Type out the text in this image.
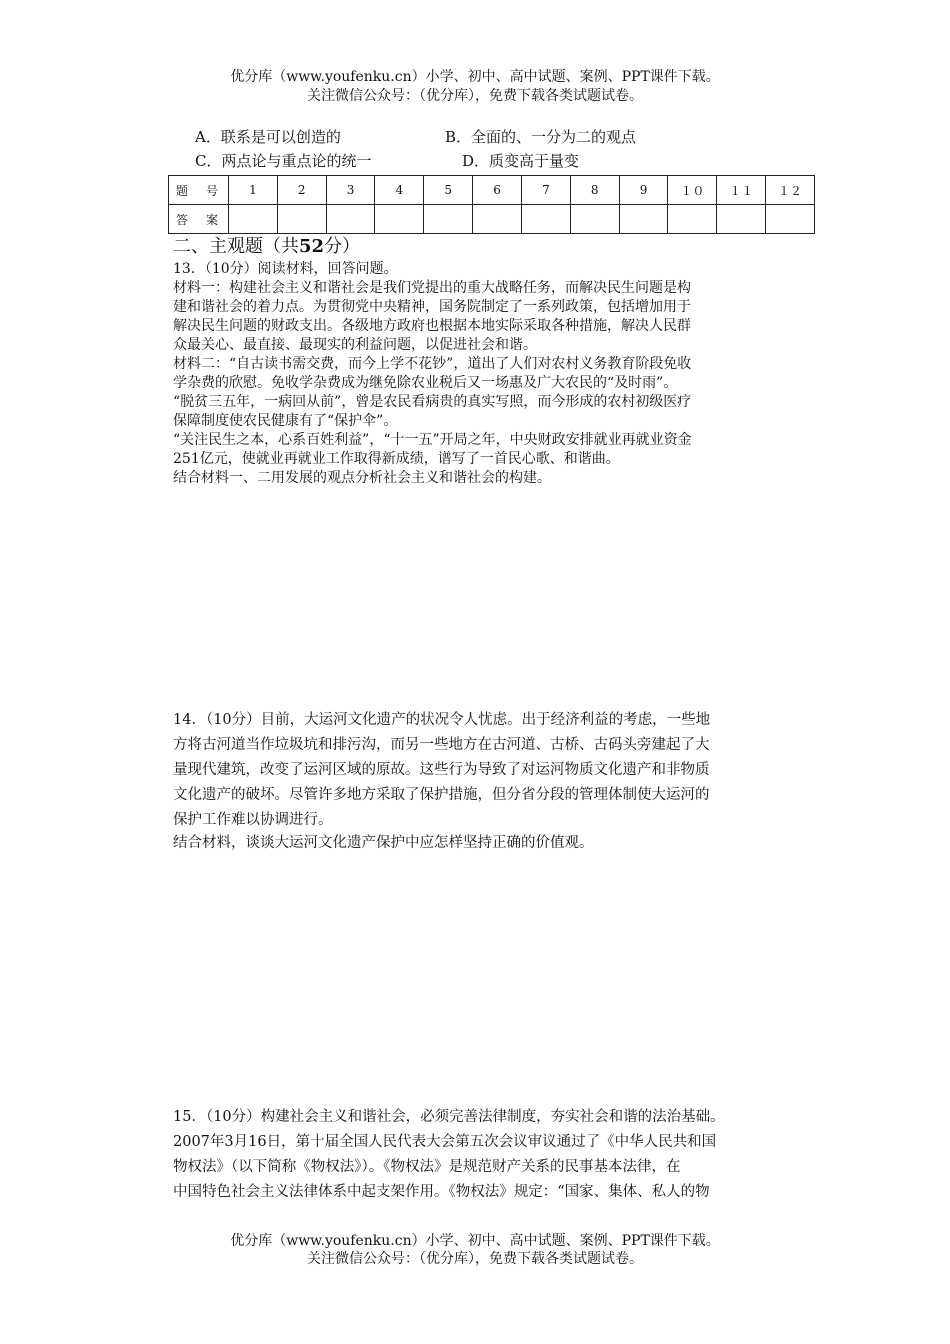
优分库（www.youfenku.cn）小学、初中、高中试题、案例、PPT课件下载。
关注微信公众号：（优分库），免费下载各类试题试卷。
A．联系是可以创造的	B．全面的、一分为二的观点
C．两点论与重点论的统一	D．质变高于量变
题　号	1	2	3	4	5	6	7	8	9	１０	１１	１２
答　案												
二、主观题（共52分）
13．（10分）阅读材料，回答问题。
材料一：构建社会主义和谐社会是我们党提出的重大战略任务，而解决民生问题是构
建和谐社会的着力点。为贯彻党中央精神，国务院制定了一系列政策，包括增加用于
解决民生问题的财政支出。各级地方政府也根据本地实际采取各种措施，解决人民群
众最关心、最直接、最现实的利益问题，以促进社会和谐。
材料二：“自古读书需交费，而今上学不花钞”，道出了人们对农村义务教育阶段免收
学杂费的欣慰。免收学杂费成为继免除农业税后又一场惠及广大农民的“及时雨”。
“脱贫三五年，一病回从前”，曾是农民看病贵的真实写照，而今形成的农村初级医疗
保障制度使农民健康有了“保护伞”。
“关注民生之本，心系百姓利益”，“十一五”开局之年，中央财政安排就业再就业资金
251亿元，使就业再就业工作取得新成绩，谱写了一首民心歌、和谐曲。
结合材料一、二用发展的观点分析社会主义和谐社会的构建。
14．（10分）目前，大运河文化遗产的状况令人忧虑。出于经济利益的考虑，一些地
方将古河道当作垃圾坑和排污沟，而另一些地方在古河道、古桥、古码头旁建起了大
量现代建筑，改变了运河区域的原故。这些行为导致了对运河物质文化遗产和非物质
文化遗产的破坏。尽管许多地方采取了保护措施，但分省分段的管理体制使大运河的
保护工作难以协调进行。
结合材料，谈谈大运河文化遗产保护中应怎样坚持正确的价值观。
15．（10分）构建社会主义和谐社会，必须完善法律制度，夯实社会和谐的法治基础。
2007年3月16日，第十届全国人民代表大会第五次会议审议通过了《中华人民共和国
物权法》（以下简称《物权法》）。《物权法》是规范财产关系的民事基本法律，在
中国特色社会主义法律体系中起支架作用。《物权法》规定：“国家、集体、私人的物
优分库（www.youfenku.cn）小学、初中、高中试题、案例、PPT课件下载。
关注微信公众号：（优分库），免费下载各类试题试卷。
